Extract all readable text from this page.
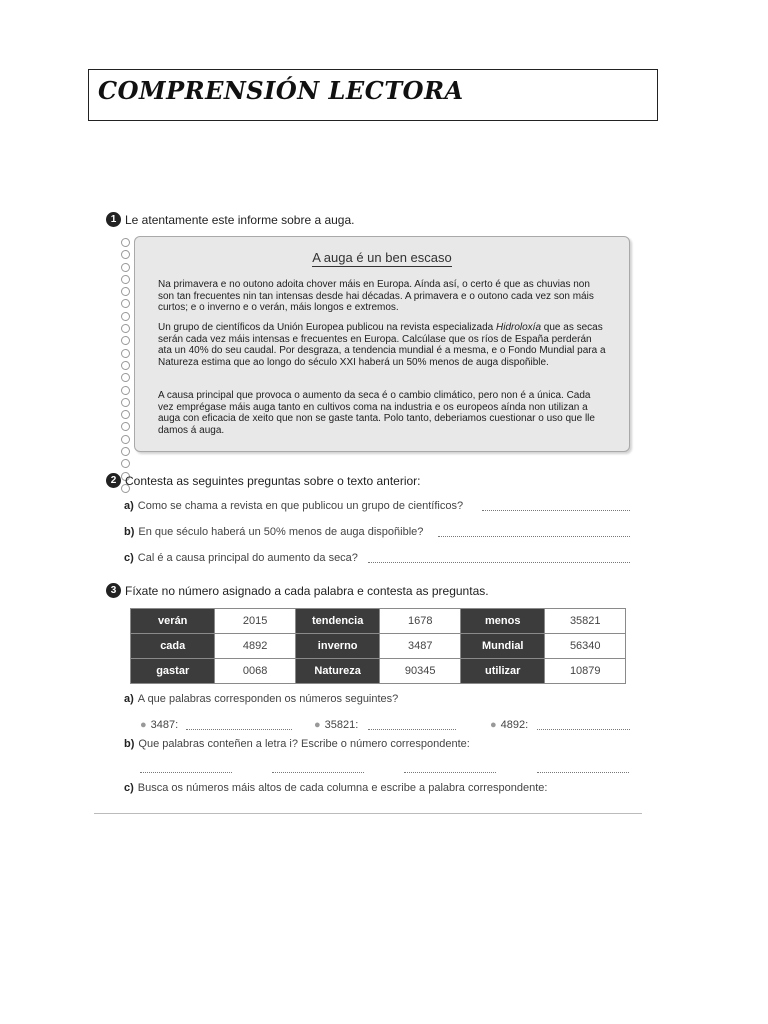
COMPRENSIÓN LECTORA
1 Le atentamente este informe sobre a auga.
A auga é un ben escaso
Na primavera e no outono adoita chover máis en Europa. Aínda así, o certo é que as chuvias non son tan frecuentes nin tan intensas desde hai décadas. A primavera e o outono cada vez son máis curtos; e o inverno e o verán, máis longos e extremos.
Un grupo de científicos da Unión Europea publicou na revista especializada Hidroloxía que as secas serán cada vez máis intensas e frecuentes en Europa. Calcúlase que os ríos de España perderán ata un 40% do seu caudal. Por desgraza, a tendencia mundial é a mesma, e o Fondo Mundial para a Natureza estima que ao longo do século XXI haberá un 50% menos de auga dispoñible.
A causa principal que provoca o aumento da seca é o cambio climático, pero non é a única. Cada vez emprégase máis auga tanto en cultivos coma na industria e os europeos aínda non utilizan a auga con eficacia de xeito que non se gaste tanta. Polo tanto, deberiamos cuestionar o uso que lle damos á auga.
2 Contesta as seguintes preguntas sobre o texto anterior:
a) Como se chama a revista en que publicou un grupo de científicos?
b) En que século haberá un 50% menos de auga dispoñible?
c) Cal é a causa principal do aumento da seca?
3 Fíxate no número asignado a cada palabra e contesta as preguntas.
verán	2015	tendencia	1678	menos	35821
cada	4892	inverno	3487	Mundial	56340
gastar	0068	Natureza	90345	utilizar	10879
a) A que palabras corresponden os números seguintes?
● 3487:	● 35821:	● 4892:
b) Que palabras conteñen a letra i? Escribe o número correspondente:
c) Busca os números máis altos de cada columna e escribe a palabra correspondente:
